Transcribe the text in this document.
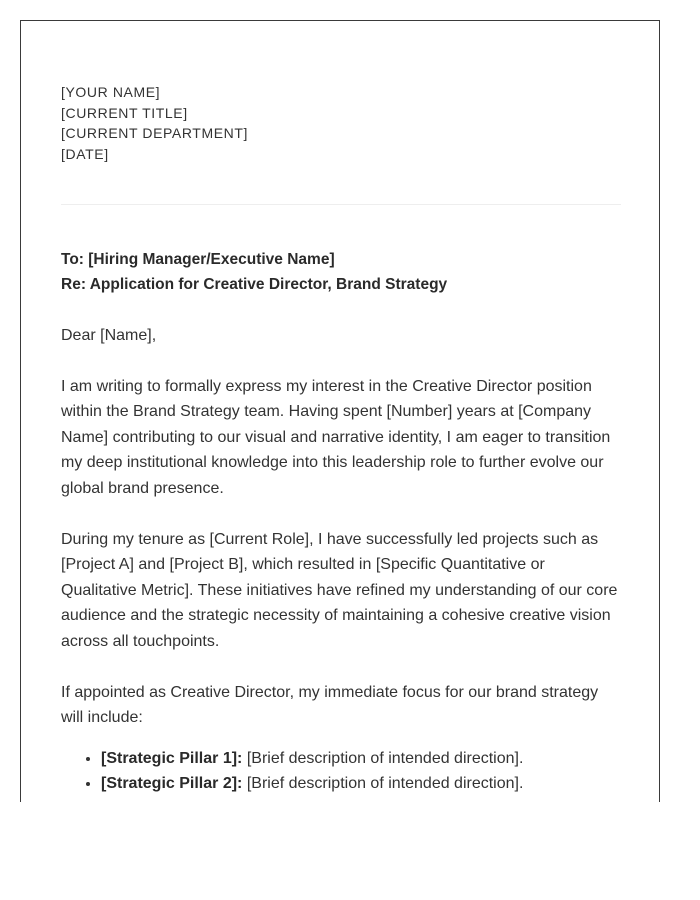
[YOUR NAME]
[CURRENT TITLE]
[CURRENT DEPARTMENT]
[DATE]
To: [Hiring Manager/Executive Name]
Re: Application for Creative Director, Brand Strategy

Dear [Name],

I am writing to formally express my interest in the Creative Director position within the Brand Strategy team. Having spent [Number] years at [Company Name] contributing to our visual and narrative identity, I am eager to transition my deep institutional knowledge into this leadership role to further evolve our global brand presence.

During my tenure as [Current Role], I have successfully led projects such as [Project A] and [Project B], which resulted in [Specific Quantitative or Qualitative Metric]. These initiatives have refined my understanding of our core audience and the strategic necessity of maintaining a cohesive creative vision across all touchpoints.

If appointed as Creative Director, my immediate focus for our brand strategy will include:

• [Strategic Pillar 1]: [Brief description of intended direction].
• [Strategic Pillar 2]: [Brief description of intended direction].
